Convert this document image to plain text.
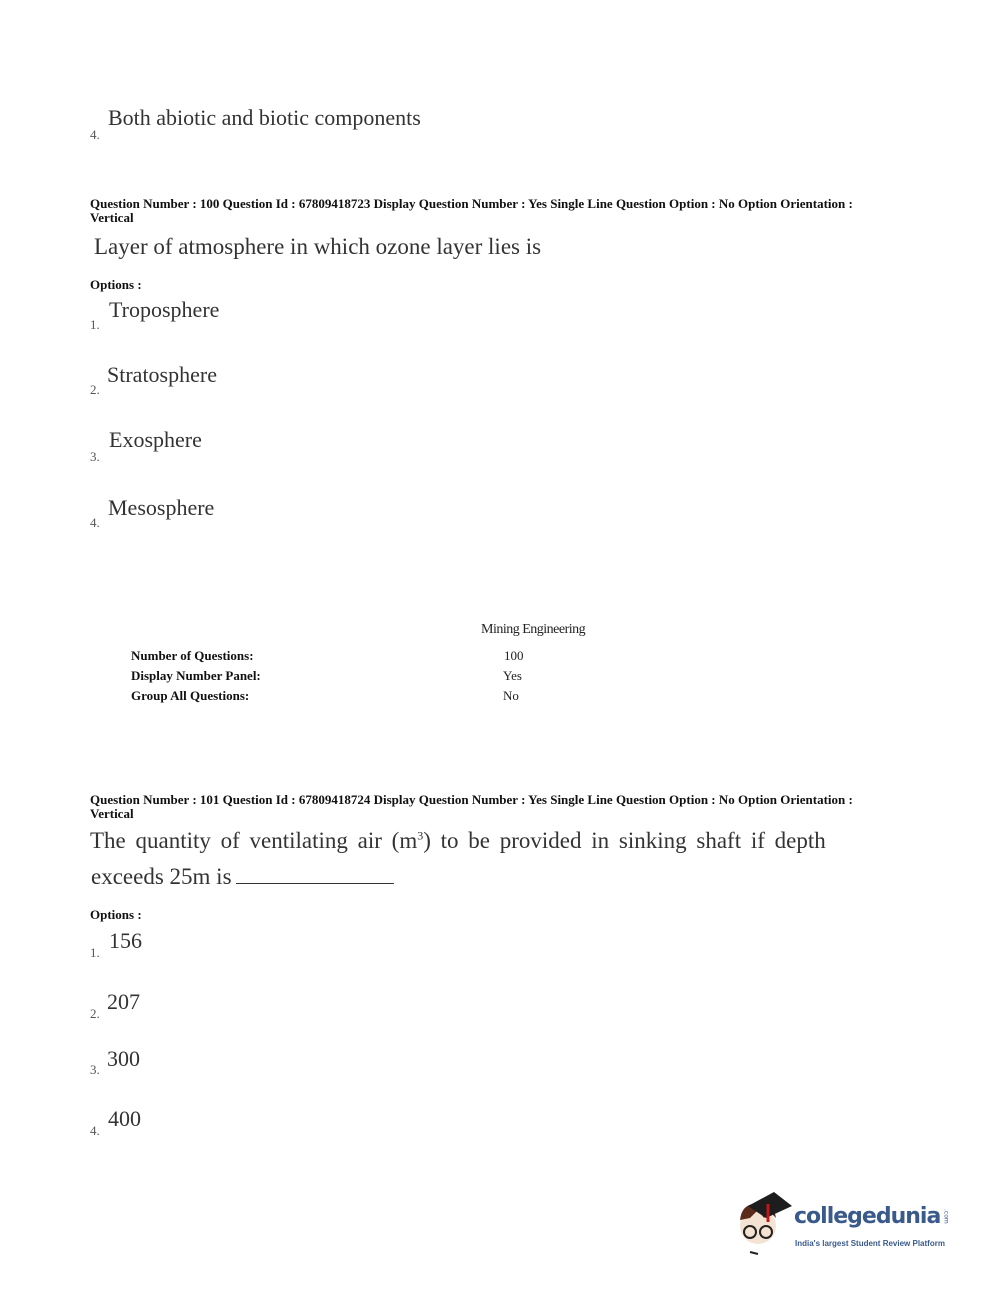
4.
Both abiotic and biotic components
Question Number : 100 Question Id : 67809418723 Display Question Number : Yes Single Line Question Option : No Option Orientation : Vertical
Layer of atmosphere in which ozone layer lies is
Options :
1.
Troposphere
2.
Stratosphere
3.
Exosphere
4.
Mesosphere
Mining Engineering
Number of Questions:	100
Display Number Panel:	Yes
Group All Questions:	No
Question Number : 101 Question Id : 67809418724 Display Question Number : Yes Single Line Question Option : No Option Orientation : Vertical
The quantity of ventilating air $(m^3)$ to be provided in sinking shaft if depth
exceeds 25m is
Options :
1. 156
2. 207
3. 300
4. 400
collegedunia .com
India's largest Student Review Platform
